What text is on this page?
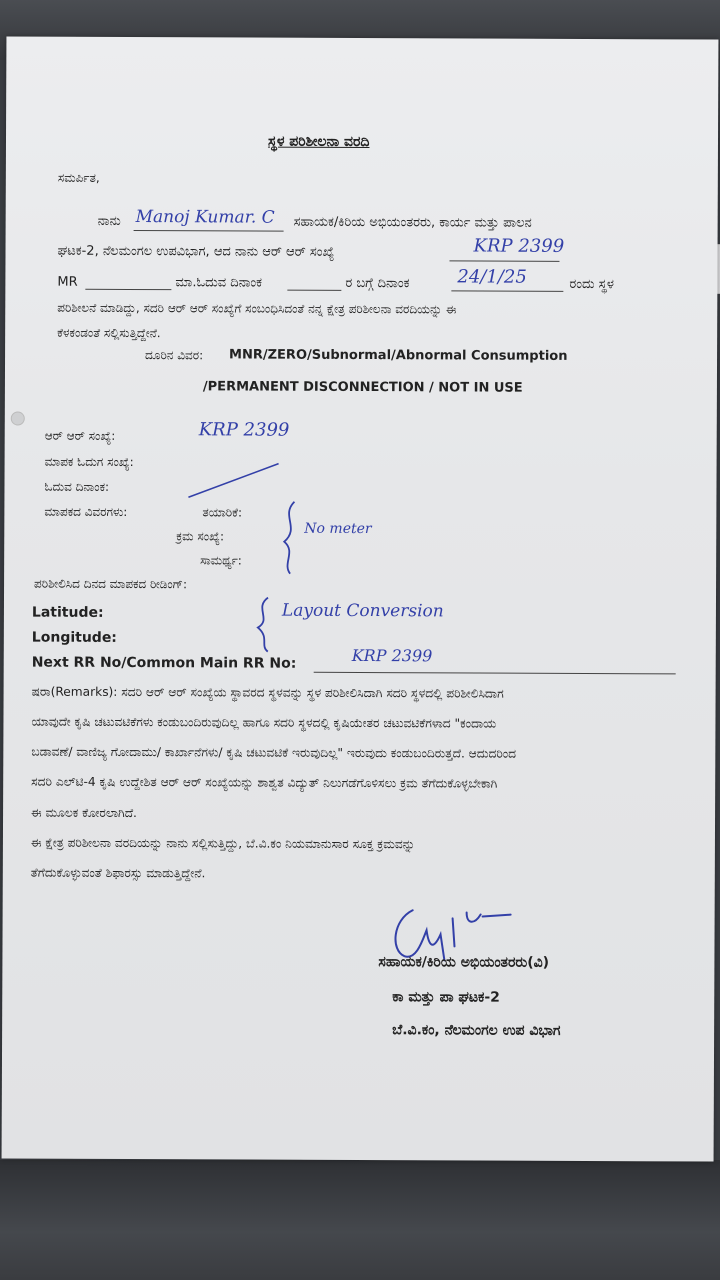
ಸ್ಥಳ ಪರಿಶೀಲನಾ ವರದಿ
ಸಮರ್ಪಿತ,
ನಾನು Manoj Kumar. C ಸಹಾಯಕ/ಕಿರಿಯ ಅಭಿಯಂತರರು, ಕಾರ್ಯ ಮತ್ತು ಪಾಲನ
ಘಟಕ-2, ನೆಲಮಂಗಲ ಉಪವಿಭಾಗ, ಆದ ನಾನು ಆರ್ ಆರ್ ಸಂಖ್ಯೆ	KRP 2399
MR	ಮಾ.ಓದುವ ದಿನಾಂಕ	ರ ಬಗ್ಗೆ ದಿನಾಂಕ	24/1/25	ರಂದು ಸ್ಥಳ
ಪರಿಶೀಲನೆ ಮಾಡಿದ್ದು, ಸದರಿ ಆರ್ ಆರ್ ಸಂಖ್ಯೆಗೆ ಸಂಬಂಧಿಸಿದಂತೆ ನನ್ನ ಕ್ಷೇತ್ರ ಪರಿಶೀಲನಾ ವರದಿಯನ್ನು ಈ
ಕೆಳಕಂಡಂತೆ ಸಲ್ಲಿಸುತ್ತಿದ್ದೇನೆ.
ದೂರಿನ ವಿವರ: MNR/ZERO/Subnormal/Abnormal Consumption
/PERMANENT DISCONNECTION / NOT IN USE
ಆರ್ ಆರ್ ಸಂಖ್ಯೆ:	KRP 2399
ಮಾಪಕ ಓದುಗ ಸಂಖ್ಯೆ:
ಓದುವ ದಿನಾಂಕ:
ಮಾಪಕದ ವಿವರಗಳು:	ತಯಾರಿಕೆ:
ಕ್ರಮ ಸಂಖ್ಯೆ:
ಸಾಮರ್ಥ್ಯ:
No meter
ಪರಿಶೀಲಿಸಿದ ದಿನದ ಮಾಪಕದ ರೀಡಿಂಗ್:
Latitude:
Longitude:
Layout Conversion
Next RR No/Common Main RR No:	KRP 2399
ಷರಾ(Remarks): ಸದರಿ ಆರ್ ಆರ್ ಸಂಖ್ಯೆಯ ಸ್ಥಾವರದ ಸ್ಥಳವನ್ನು ಸ್ಥಳ ಪರಿಶೀಲಿಸಿದಾಗಿ ಸದರಿ ಸ್ಥಳದಲ್ಲಿ ಪರಿಶೀಲಿಸಿದಾಗ
ಯಾವುದೇ ಕೃಷಿ ಚಟುವಟಿಕೆಗಳು ಕಂಡುಬಂದಿರುವುದಿಲ್ಲ ಹಾಗೂ ಸದರಿ ಸ್ಥಳದಲ್ಲಿ ಕೃಷಿಯೇತರ ಚಟುವಟಿಕೆಗಳಾದ "ಕಂದಾಯ
ಬಡಾವಣೆ/ ವಾಣಿಜ್ಯ ಗೋದಾಮು/ ಕಾರ್ಖಾನೆಗಳು/ ಕೃಷಿ ಚಟುವಟಿಕೆ ಇರುವುದಿಲ್ಲ" ಇರುವುದು ಕಂಡುಬಂದಿರುತ್ತದೆ. ಆದುದರಿಂದ
ಸದರಿ ಎಲ್‌ಟಿ-4 ಕೃಷಿ ಉದ್ದೇಶಿತ ಆರ್ ಆರ್ ಸಂಖ್ಯೆಯನ್ನು ಶಾಶ್ವತ ವಿದ್ಯುತ್ ನಿಲುಗಡೆಗೊಳಿಸಲು ಕ್ರಮ ತೆಗೆದುಕೊಳ್ಳಬೇಕಾಗಿ
ಈ ಮೂಲಕ ಕೋರಲಾಗಿದೆ.
ಈ ಕ್ಷೇತ್ರ ಪರಿಶೀಲನಾ ವರದಿಯನ್ನು ನಾನು ಸಲ್ಲಿಸುತ್ತಿದ್ದು, ಬೆ.ವಿ.ಕಂ ನಿಯಮಾನುಸಾರ ಸೂಕ್ತ ಕ್ರಮವನ್ನು
ತೆಗೆದುಕೊಳ್ಳುವಂತೆ ಶಿಫಾರಸ್ಸು ಮಾಡುತ್ತಿದ್ದೇನೆ.
ಸಹಾಯಕ/ಕಿರಿಯ ಅಭಿಯಂತರರು(ವಿ)
ಕಾ ಮತ್ತು ಪಾ ಘಟಕ-2
ಬೆ.ವಿ.ಕಂ, ನೆಲಮಂಗಲ ಉಪ ವಿಭಾಗ
